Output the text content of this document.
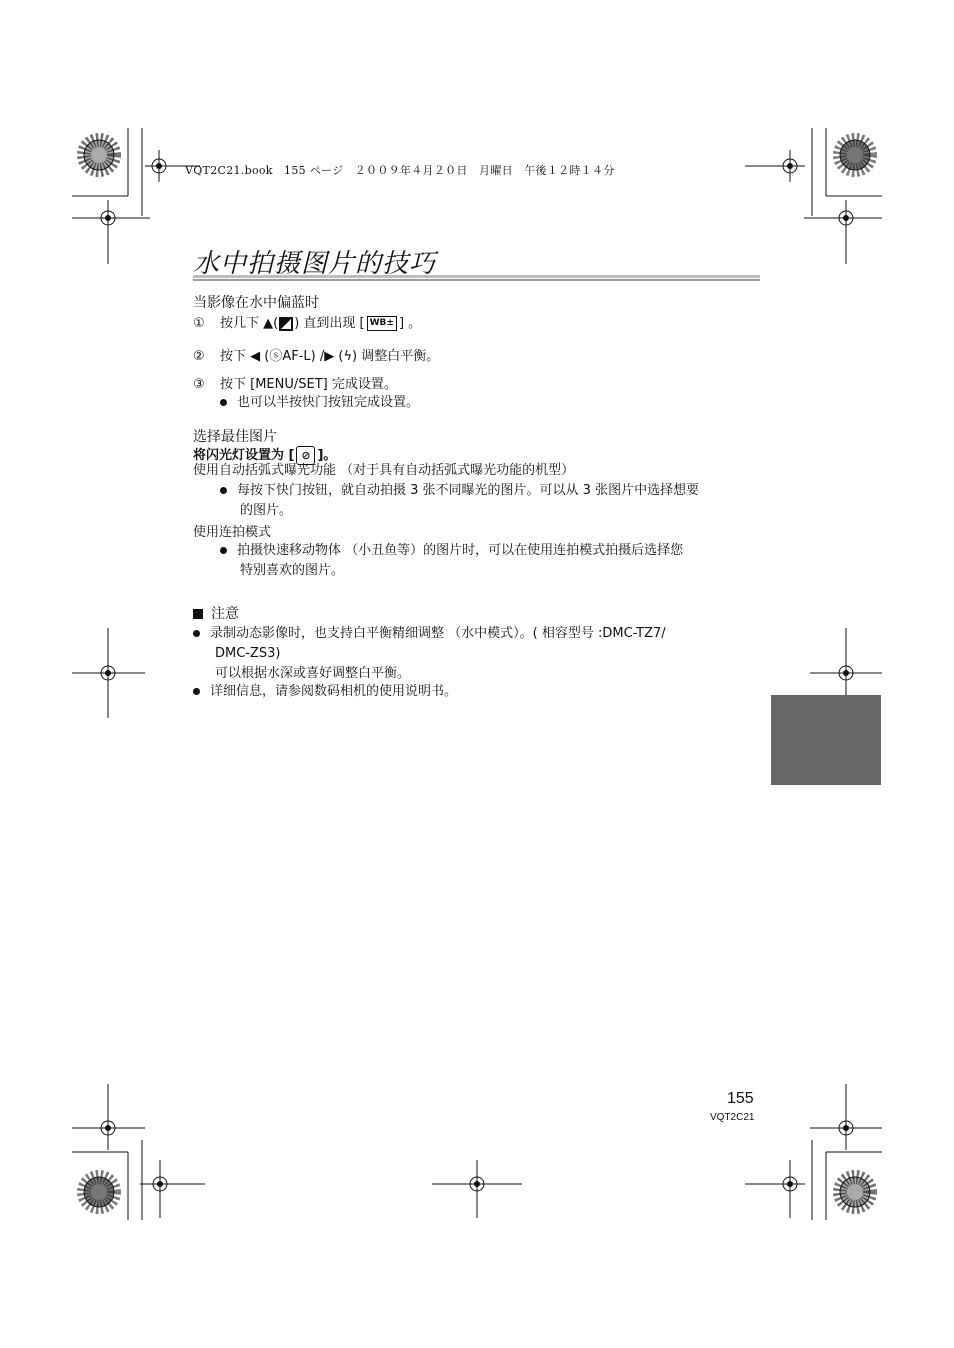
VQT2C21.book　155 ページ　２００９年４月２０日　月曜日　午後１２時１４分
水中拍摄图片的技巧
当影像在水中偏蓝时
① 按几下 ▲( ) 直到出现 [ WB± ] 。
② 按下 ◀ (ⓢAF-L) /▶ (ϟ) 调整白平衡。
③ 按下 [MENU/SET] 完成设置。
也可以半按快门按钮完成设置。
选择最佳图片
将闪光灯设置为 [ ⊘ ]。
使用自动括弧式曝光功能 （对于具有自动括弧式曝光功能的机型）
每按下快门按钮，就自动拍摄 3 张不同曝光的图片。可以从 3 张图片中选择想要
的图片。
使用连拍模式
拍摄快速移动物体 （小丑鱼等）的图片时，可以在使用连拍模式拍摄后选择您
特别喜欢的图片。
注意
录制动态影像时，也支持白平衡精细调整 （水中模式）。( 相容型号 :DMC-TZ7/
DMC-ZS3)
可以根据水深或喜好调整白平衡。
详细信息，请参阅数码相机的使用说明书。
155
VQT2C21
